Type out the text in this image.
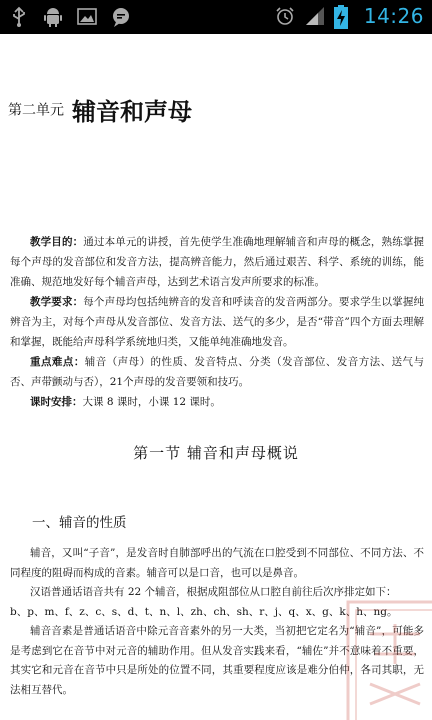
14:26
第二单元 辅音和声母

教学目的：通过本单元的讲授，首先使学生准确地理解辅音和声母的概念，熟练掌握每个声母的发音部位和发音方法，提高辨音能力，然后通过艰苦、科学、系统的训练，能准确、规范地发好每个辅音声母，达到艺术语言发声所要求的标准。

教学要求：每个声母均包括纯辨音的发音和呼读音的发音两部分。要求学生以掌握纯辨音为主，对每个声母从发音部位、发音方法、送气的多少，是否“带音”四个方面去理解和掌握，既能给声母科学系统地归类，又能单纯准确地发音。

重点难点：辅音（声母）的性质、发音特点、分类（发音部位、发音方法、送气与否、声带颤动与否），21个声母的发音要领和技巧。

课时安排：大课 8 课时，小课 12 课时。

第一节 辅音和声母概说
一、辅音的性质

辅音，又叫“子音”，是发音时自肺部呼出的气流在口腔受到不同部位、不同方法、不同程度的阻碍而构成的音素。辅音可以是口音，也可以是鼻音。

汉语普通话语音共有 22 个辅音，根据成阻部位从口腔自前往后次序排定如下：

b、p、m、f、z、c、s、d、t、n、l、zh、ch、sh、r、j、q、x、g、k、h、ng。

辅音音素是普通话语音中除元音音素外的另一大类，当初把它定名为“辅音”，可能多是考虑到它在音节中对元音的辅助作用。但从发音实践来看，“辅佐”并不意味着不重要，其实它和元音在音节中只是所处的位置不同，其重要程度应该是难分伯仲，各司其职，无法相互替代。
